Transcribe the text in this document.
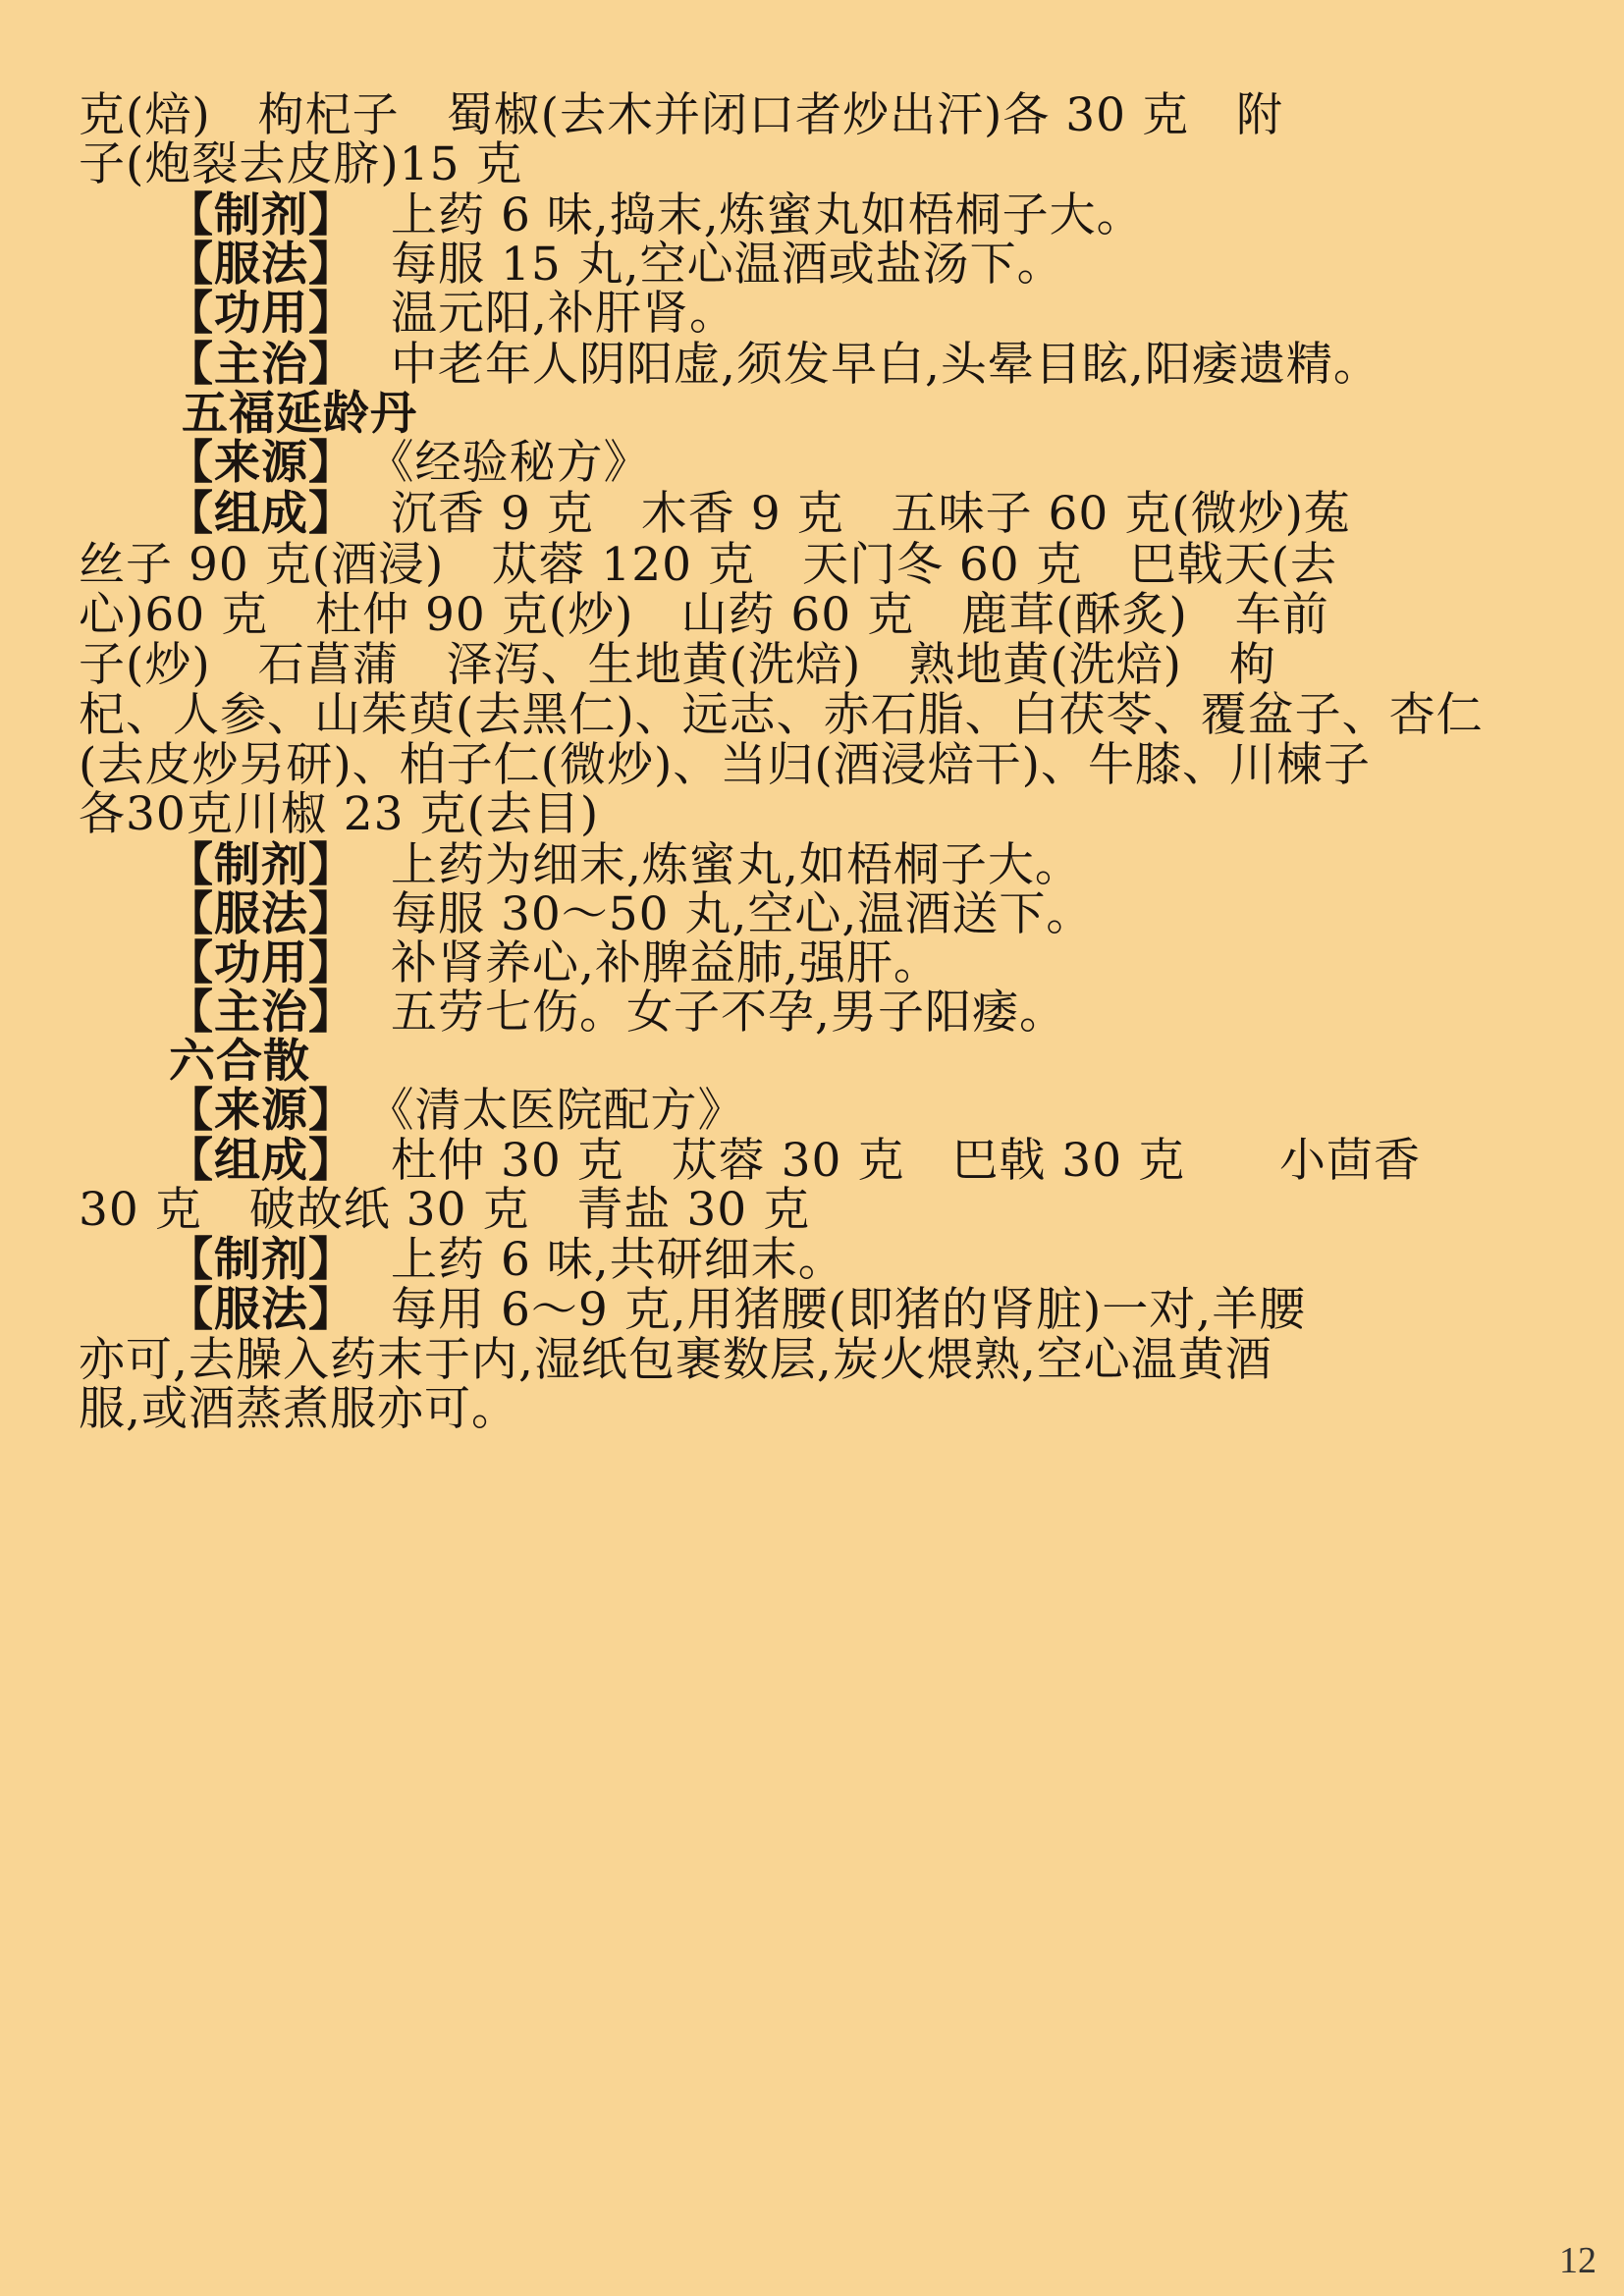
克(焙)　枸杞子　蜀椒(去木并闭口者炒出汗)各 30 克　附
子(炮裂去皮脐)15 克
【制剂】 上药 6 味,捣末,炼蜜丸如梧桐子大。
【服法】 每服 15 丸,空心温酒或盐汤下。
【功用】 温元阳,补肝肾。
【主治】 中老年人阴阳虚,须发早白,头晕目眩,阳痿遗精。
五福延龄丹
【来源】 《经验秘方》
【组成】 沉香 9 克　木香 9 克　五味子 60 克(微炒)菟
丝子 90 克(酒浸)　苁蓉 120 克　天门冬 60 克　巴戟天(去
心)60 克　杜仲 90 克(炒)　山药 60 克　鹿茸(酥炙)　车前
子(炒)　石菖蒲　泽泻、生地黄(洗焙)　熟地黄(洗焙)　枸
杞、人参、山茱萸(去黑仁)、远志、赤石脂、白茯苓、覆盆子、杏仁
(去皮炒另研)、柏子仁(微炒)、当归(酒浸焙干)、牛膝、川楝子
各30克川椒 23 克(去目)
【制剂】 上药为细末,炼蜜丸,如梧桐子大。
【服法】 每服 30～50 丸,空心,温酒送下。
【功用】 补肾养心,补脾益肺,强肝。
【主治】 五劳七伤。女子不孕,男子阳痿。
六合散
【来源】 《清太医院配方》
【组成】 杜仲 30 克　苁蓉 30 克　巴戟 30 克　　小茴香
30 克　破故纸 30 克　青盐 30 克
【制剂】 上药 6 味,共研细末。
【服法】 每用 6～9 克,用猪腰(即猪的肾脏)一对,羊腰
亦可,去臊入药末于内,湿纸包裹数层,炭火煨熟,空心温黄酒
服,或酒蒸煮服亦可。
12
